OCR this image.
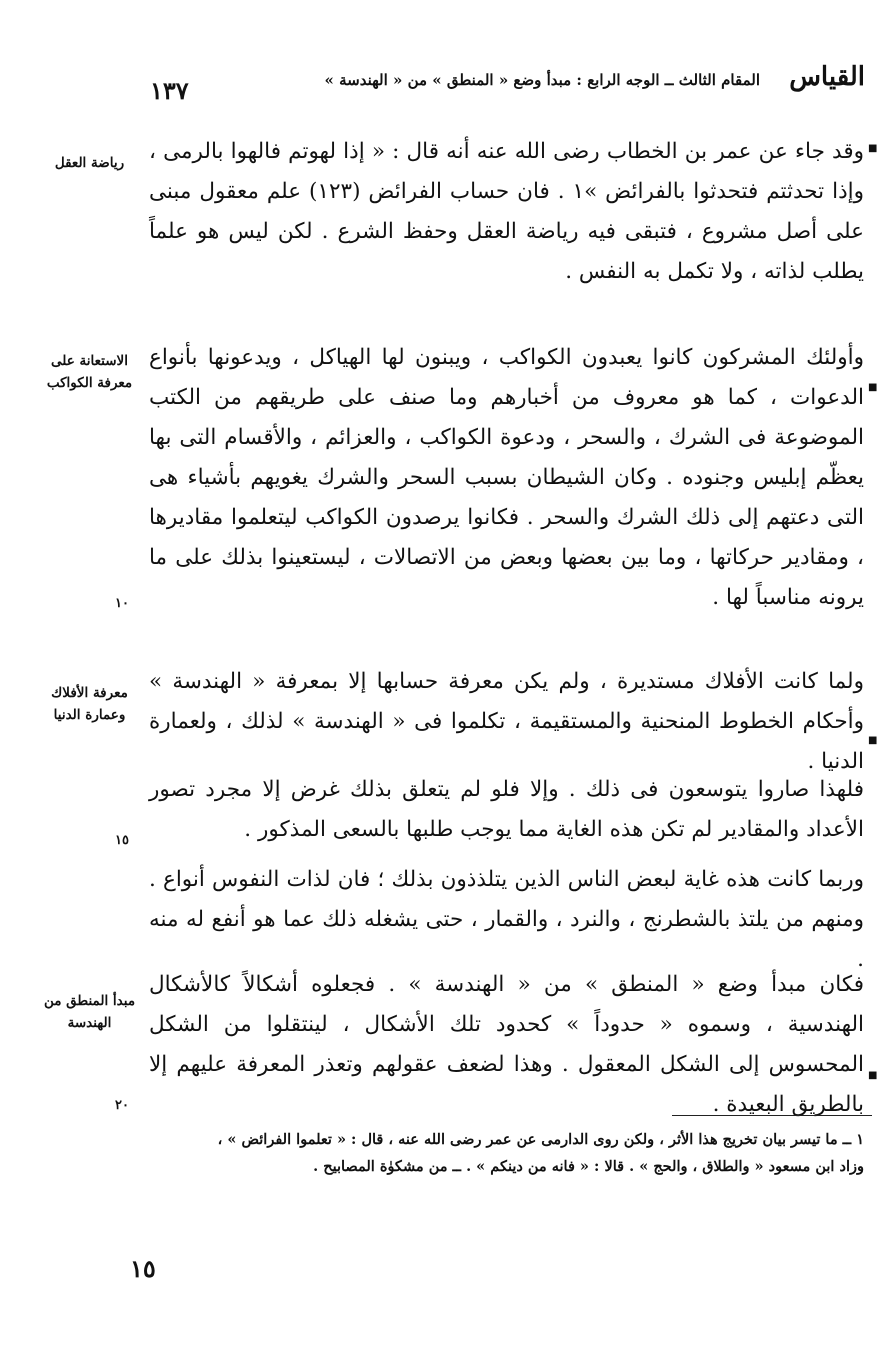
القياس
المقام الثالث ــ الوجه الرابع : مبدأ وضع « المنطق » من « الهندسة »
١٣٧
وقد جاء عن عمر بن الخطاب رضى الله عنه أنه قال : « إذا لهوتم فالهوا بالرمى ، وإذا تحدثتم فتحدثوا بالفرائض »١ . فان حساب الفرائض (١٢٣) علم معقول مبنى على أصل مشروع ، فتبقى فيه رياضة العقل وحفظ الشرع . لكن ليس هو علماً يطلب لذاته ، ولا تكمل به النفس .
وأولئك المشركون كانوا يعبدون الكواكب ، ويبنون لها الهياكل ، ويدعونها بأنواع الدعوات ، كما هو معروف من أخبارهم وما صنف على طريقهم من الكتب الموضوعة فى الشرك ، والسحر ، ودعوة الكواكب ، والعزائم ، والأقسام التى بها يعظّم إبليس وجنوده . وكان الشيطان بسبب السحر والشرك يغويهم بأشياء هى التى دعتهم إلى ذلك الشرك والسحر . فكانوا يرصدون الكواكب ليتعلموا مقاديرها ، ومقادير حركاتها ، وما بين بعضها وبعض من الاتصالات ، ليستعينوا بذلك على ما يرونه مناسباً لها .
ولما كانت الأفلاك مستديرة ، ولم يكن معرفة حسابها إلا بمعرفة « الهندسة » وأحكام الخطوط المنحنية والمستقيمة ، تكلموا فى « الهندسة » لذلك ، ولعمارة الدنيا .
فلهذا صاروا يتوسعون فى ذلك . وإلا فلو لم يتعلق بذلك غرض إلا مجرد تصور الأعداد والمقادير لم تكن هذه الغاية مما يوجب طلبها بالسعى المذكور .
وربما كانت هذه غاية لبعض الناس الذين يتلذذون بذلك ؛ فان لذات النفوس أنواع . ومنهم من يلتذ بالشطرنج ، والنرد ، والقمار ، حتى يشغله ذلك عما هو أنفع له منه .
فكان مبدأ وضع « المنطق » من « الهندسة » . فجعلوه أشكالاً كالأشكال الهندسية ، وسموه « حدوداً » كحدود تلك الأشكال ، لينتقلوا من الشكل المحسوس إلى الشكل المعقول . وهذا لضعف عقولهم وتعذر المعرفة عليهم إلا بالطريق البعيدة .
رياضة العقل
الاستعانة على معرفة الكواكب
معرفة الأفلاك وعمارة الدنيا
مبدأ المنطق من الهندسة
١٠
١٥
٢٠
■
■
■
■
١ ــ ما تيسر بيان تخريج هذا الأثر ، ولكن روى الدارمى عن عمر رضى الله عنه ، قال : « تعلموا الفرائض » ،
وزاد ابن مسعود « والطلاق ، والحج » . قالا : « فانه من دينكم » . ــ من مشكوٰة المصابيح .
١٥
